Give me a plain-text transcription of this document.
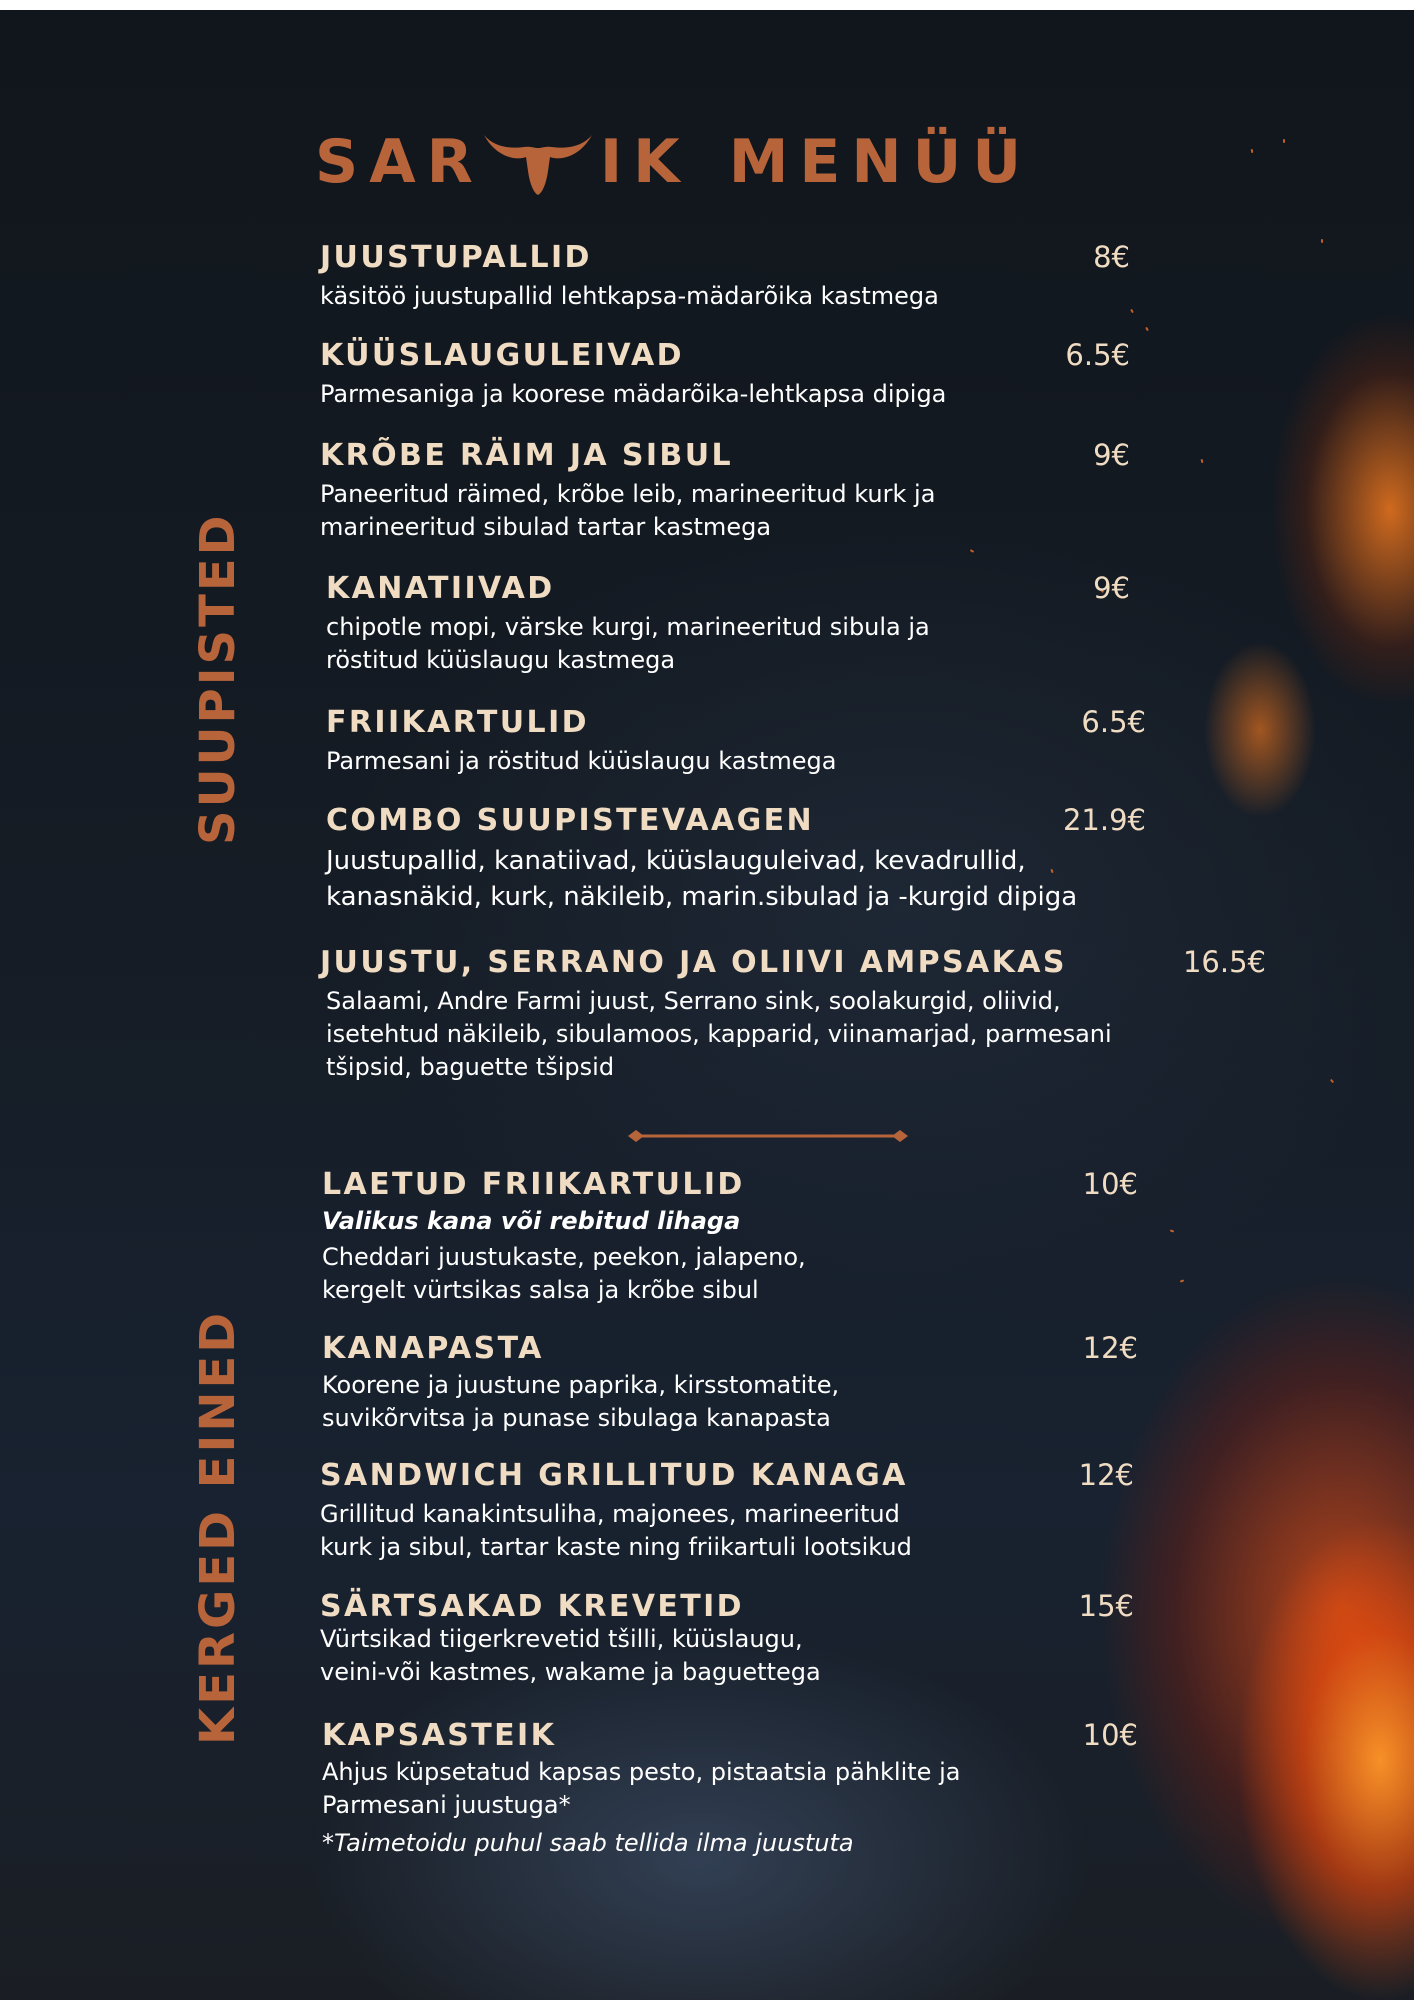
SAR IK MENÜÜ
SUUPISTED
KERGED EINED
JUUSTUPALLID	8€
käsitöö juustupallid lehtkapsa-mädarõika kastmega
KÜÜSLAUGULEIVAD	6.5€
Parmesaniga ja koorese mädarõika-lehtkapsa dipiga
KRÕBE RÄIM JA SIBUL	9€
Paneeritud räimed, krõbe leib, marineeritud kurk ja
marineeritud sibulad tartar kastmega
KANATIIVAD	9€
chipotle mopi, värske kurgi, marineeritud sibula ja
röstitud küüslaugu kastmega
FRIIKARTULID	6.5€
Parmesani ja röstitud küüslaugu kastmega
COMBO SUUPISTEVAAGEN	21.9€
Juustupallid, kanatiivad, küüslauguleivad, kevadrullid,
kanasnäkid, kurk, näkileib, marin.sibulad ja -kurgid dipiga
JUUSTU, SERRANO JA OLIIVI AMPSAKAS	16.5€
Salaami, Andre Farmi juust, Serrano sink, soolakurgid, oliivid,
isetehtud näkileib, sibulamoos, kapparid, viinamarjad, parmesani
tšipsid, baguette tšipsid
LAETUD FRIIKARTULID	10€
Valikus kana või rebitud lihaga
Cheddari juustukaste, peekon, jalapeno,
kergelt vürtsikas salsa ja krõbe sibul
KANAPASTA	12€
Koorene ja juustune paprika, kirsstomatite,
suvikõrvitsa ja punase sibulaga kanapasta
SANDWICH GRILLITUD KANAGA	12€
Grillitud kanakintsuliha, majonees, marineeritud
kurk ja sibul, tartar kaste ning friikartuli lootsikud
SÄRTSAKAD KREVETID	15€
Vürtsikad tiigerkrevetid tšilli, küüslaugu,
veini-või kastmes, wakame ja baguettega
KAPSASTEIK	10€
Ahjus küpsetatud kapsas pesto, pistaatsia pähklite ja
Parmesani juustuga*
*Taimetoidu puhul saab tellida ilma juustuta
